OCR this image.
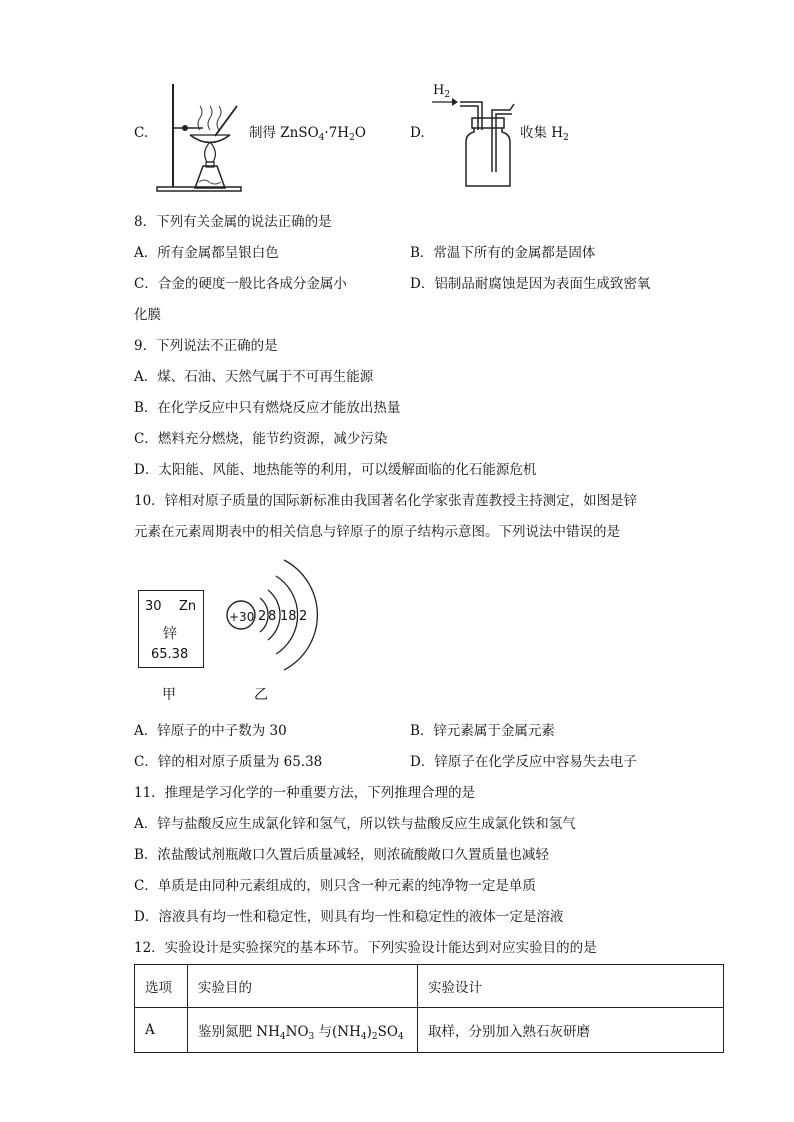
C.	制得 $ZnSO_4\cdot 7H_2O$	D.
$H_2$
收集 $H_2$
8．下列有关金属的说法正确的是
A．所有金属都呈银白色	B．常温下所有的金属都是固体
C．合金的硬度一般比各成分金属小	D．铝制品耐腐蚀是因为表面生成致密氧
化膜
9．下列说法不正确的是
A．煤、石油、天然气属于不可再生能源
B．在化学反应中只有燃烧反应才能放出热量
C．燃料充分燃烧，能节约资源，减少污染
D．太阳能、风能、地热能等的利用，可以缓解面临的化石能源危机
10．锌相对原子质量的国际新标准由我国著名化学家张青莲教授主持测定，如图是锌
元素在元素周期表中的相关信息与锌原子的原子结构示意图。下列说法中错误的是
30 Zn
锌
65.38
+30 2 8 18 2
甲	乙
A．锌原子的中子数为 30	B．锌元素属于金属元素
C．锌的相对原子质量为 65.38	D．锌原子在化学反应中容易失去电子
11．推理是学习化学的一种重要方法，下列推理合理的是
A．锌与盐酸反应生成氯化锌和氢气，所以铁与盐酸反应生成氯化铁和氢气
B．浓盐酸试剂瓶敞口久置后质量减轻，则浓硫酸敞口久置质量也减轻
C．单质是由同种元素组成的，则只含一种元素的纯净物一定是单质
D．溶液具有均一性和稳定性，则具有均一性和稳定性的液体一定是溶液
12．实验设计是实验探究的基本环节。下列实验设计能达到对应实验目的的是
选项	实验目的	实验设计
A	鉴别氮肥 $NH_4NO_3$ 与$(NH_4)_2SO_4$	取样，分别加入熟石灰研磨
